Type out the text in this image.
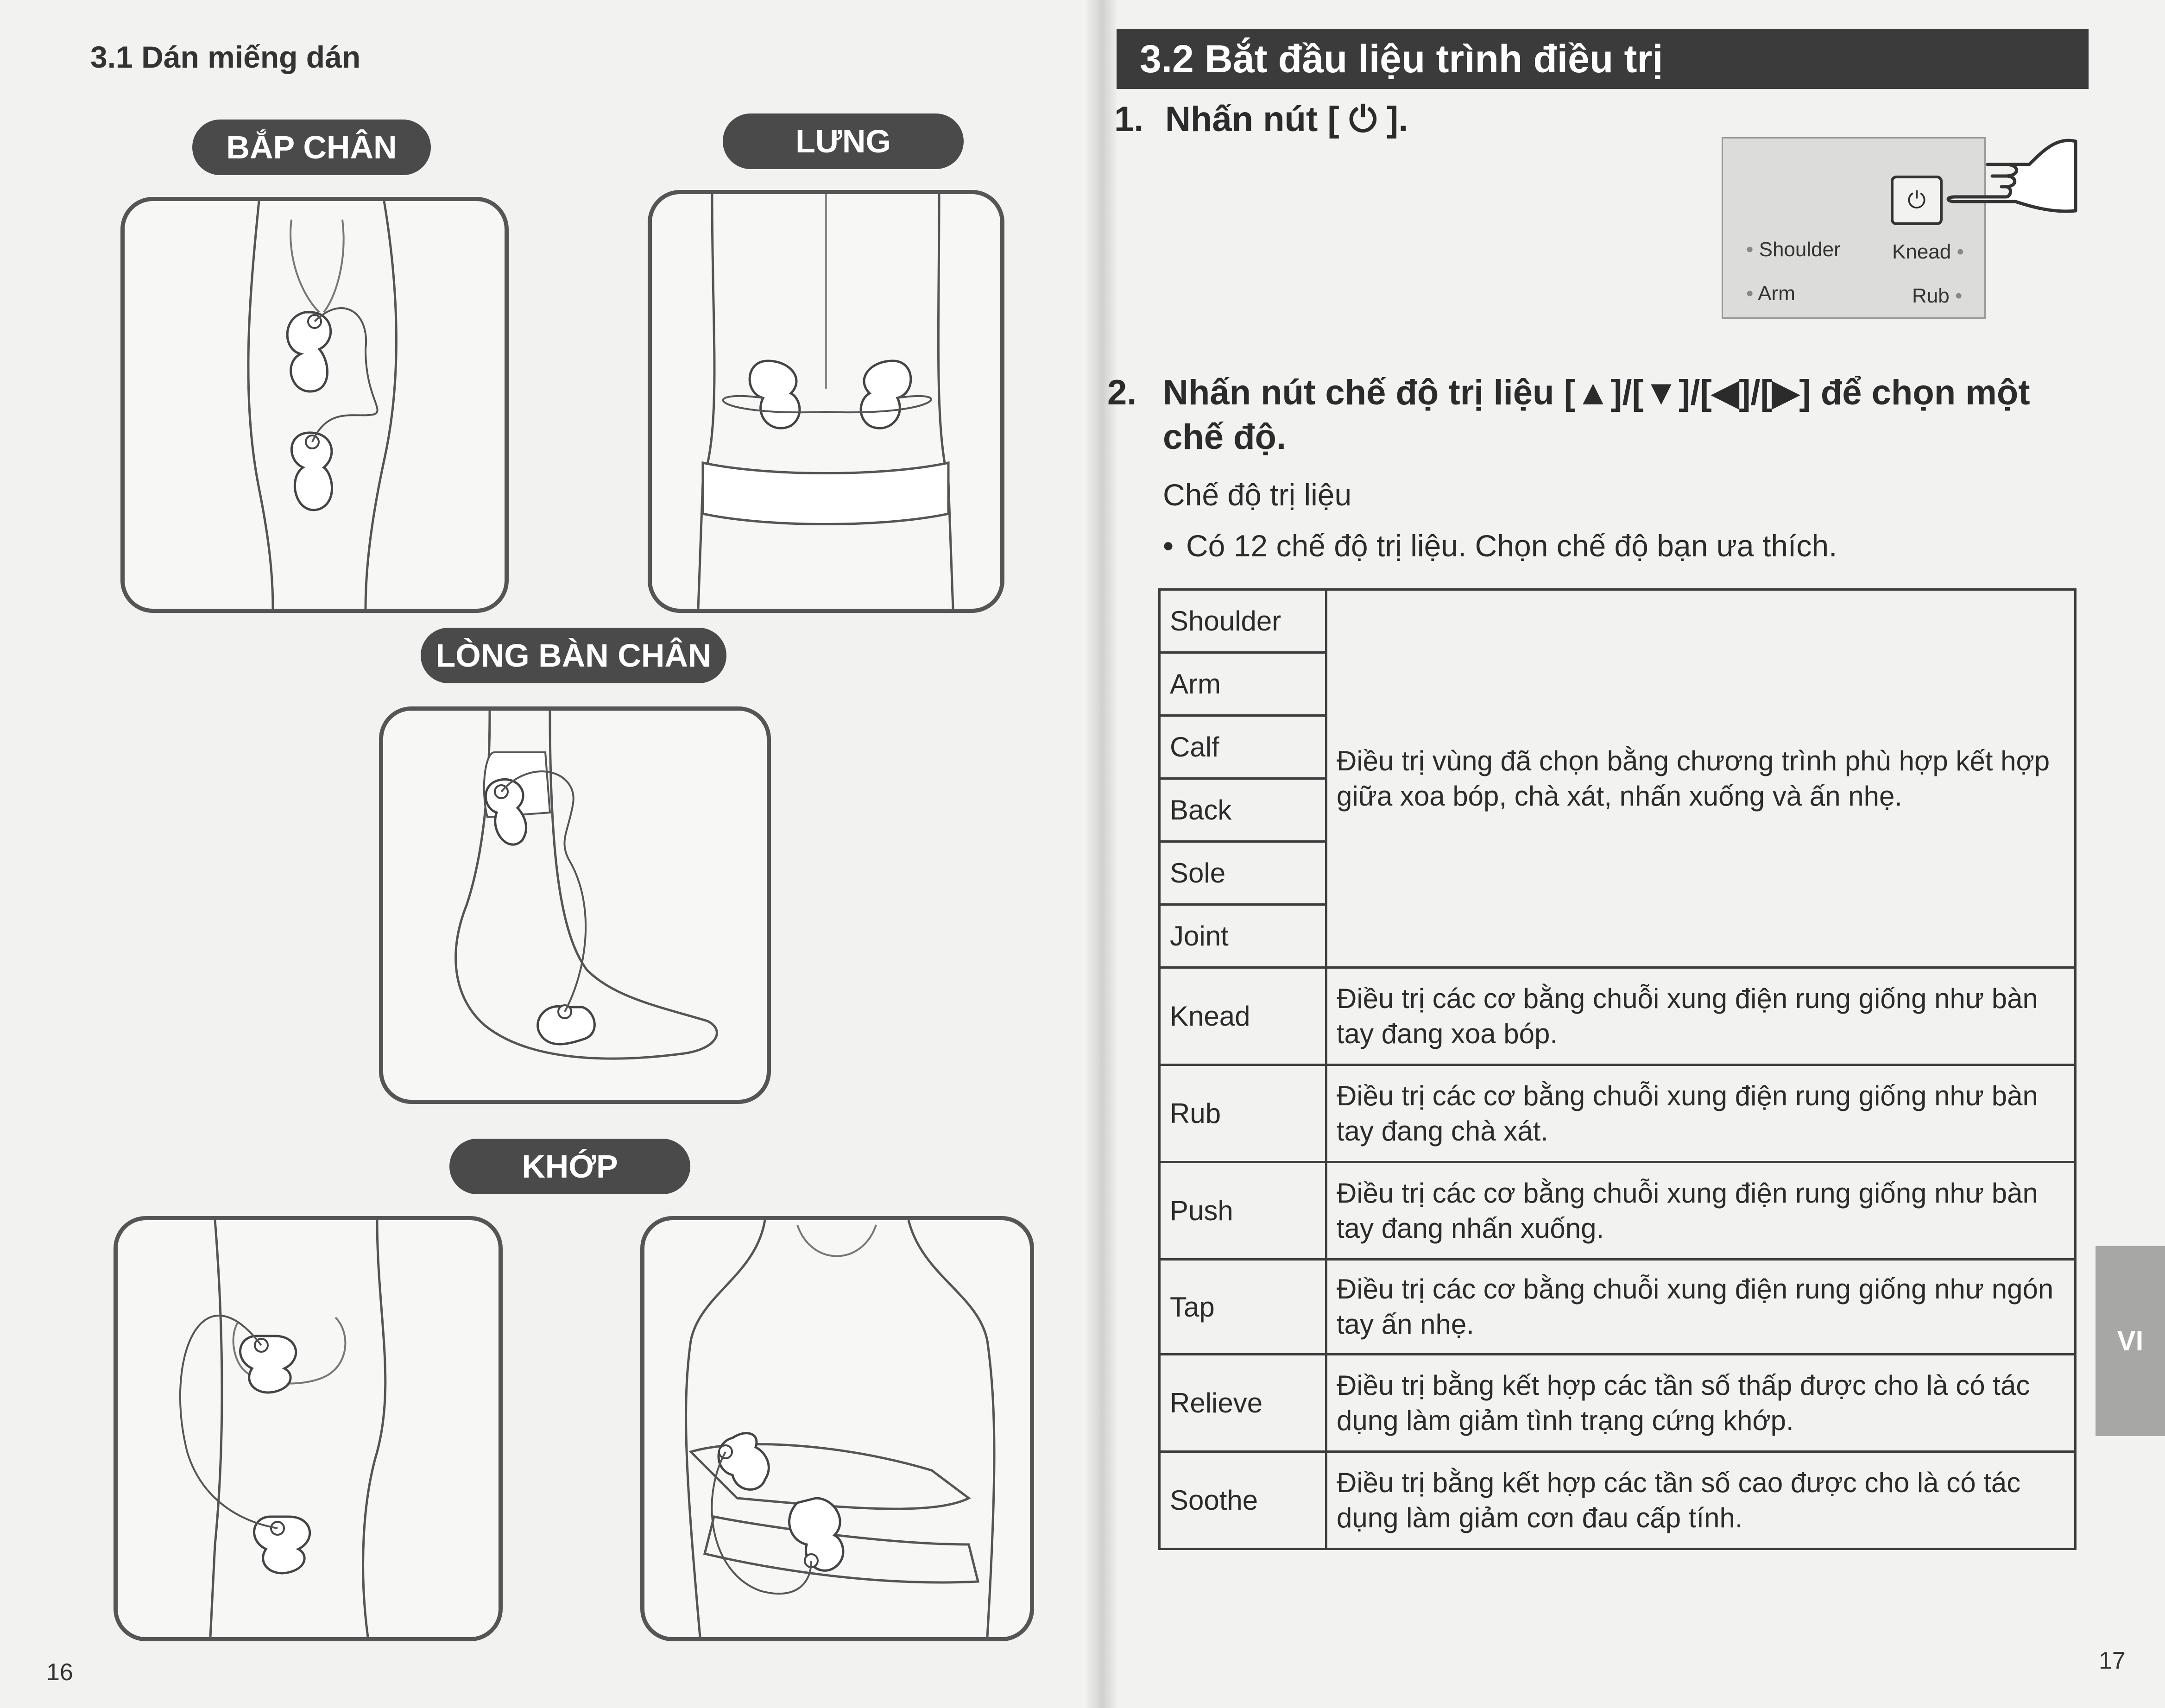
3.1 Dán miếng dán
BẮP CHÂN	LƯNG
LÒNG BÀN CHÂN
KHỚP
16
3.2 Bắt đầu liệu trình điều trị
1. Nhấn nút [ ⏻ ].
⏻
• Shoulder	Knead •
• Arm	Rub •
2. Nhấn nút chế độ trị liệu [▲]/[▼]/[◀]/[▶] để chọn một chế độ.
Chế độ trị liệu
• Có 12 chế độ trị liệu. Chọn chế độ bạn ưa thích.
Shoulder	Điều trị vùng đã chọn bằng chương trình phù hợp kết hợp giữa xoa bóp, chà xát, nhấn xuống và ấn nhẹ.
Arm	
Calf	
Back	
Sole	
Joint	
Knead	Điều trị các cơ bằng chuỗi xung điện rung giống như bàn tay đang xoa bóp.
Rub	Điều trị các cơ bằng chuỗi xung điện rung giống như bàn tay đang chà xát.
Push	Điều trị các cơ bằng chuỗi xung điện rung giống như bàn tay đang nhấn xuống.
Tap	Điều trị các cơ bằng chuỗi xung điện rung giống như ngón tay ấn nhẹ.
Relieve	Điều trị bằng kết hợp các tần số thấp được cho là có tác dụng làm giảm tình trạng cứng khớp.
Soothe	Điều trị bằng kết hợp các tần số cao được cho là có tác dụng làm giảm cơn đau cấp tính.
VI
17
